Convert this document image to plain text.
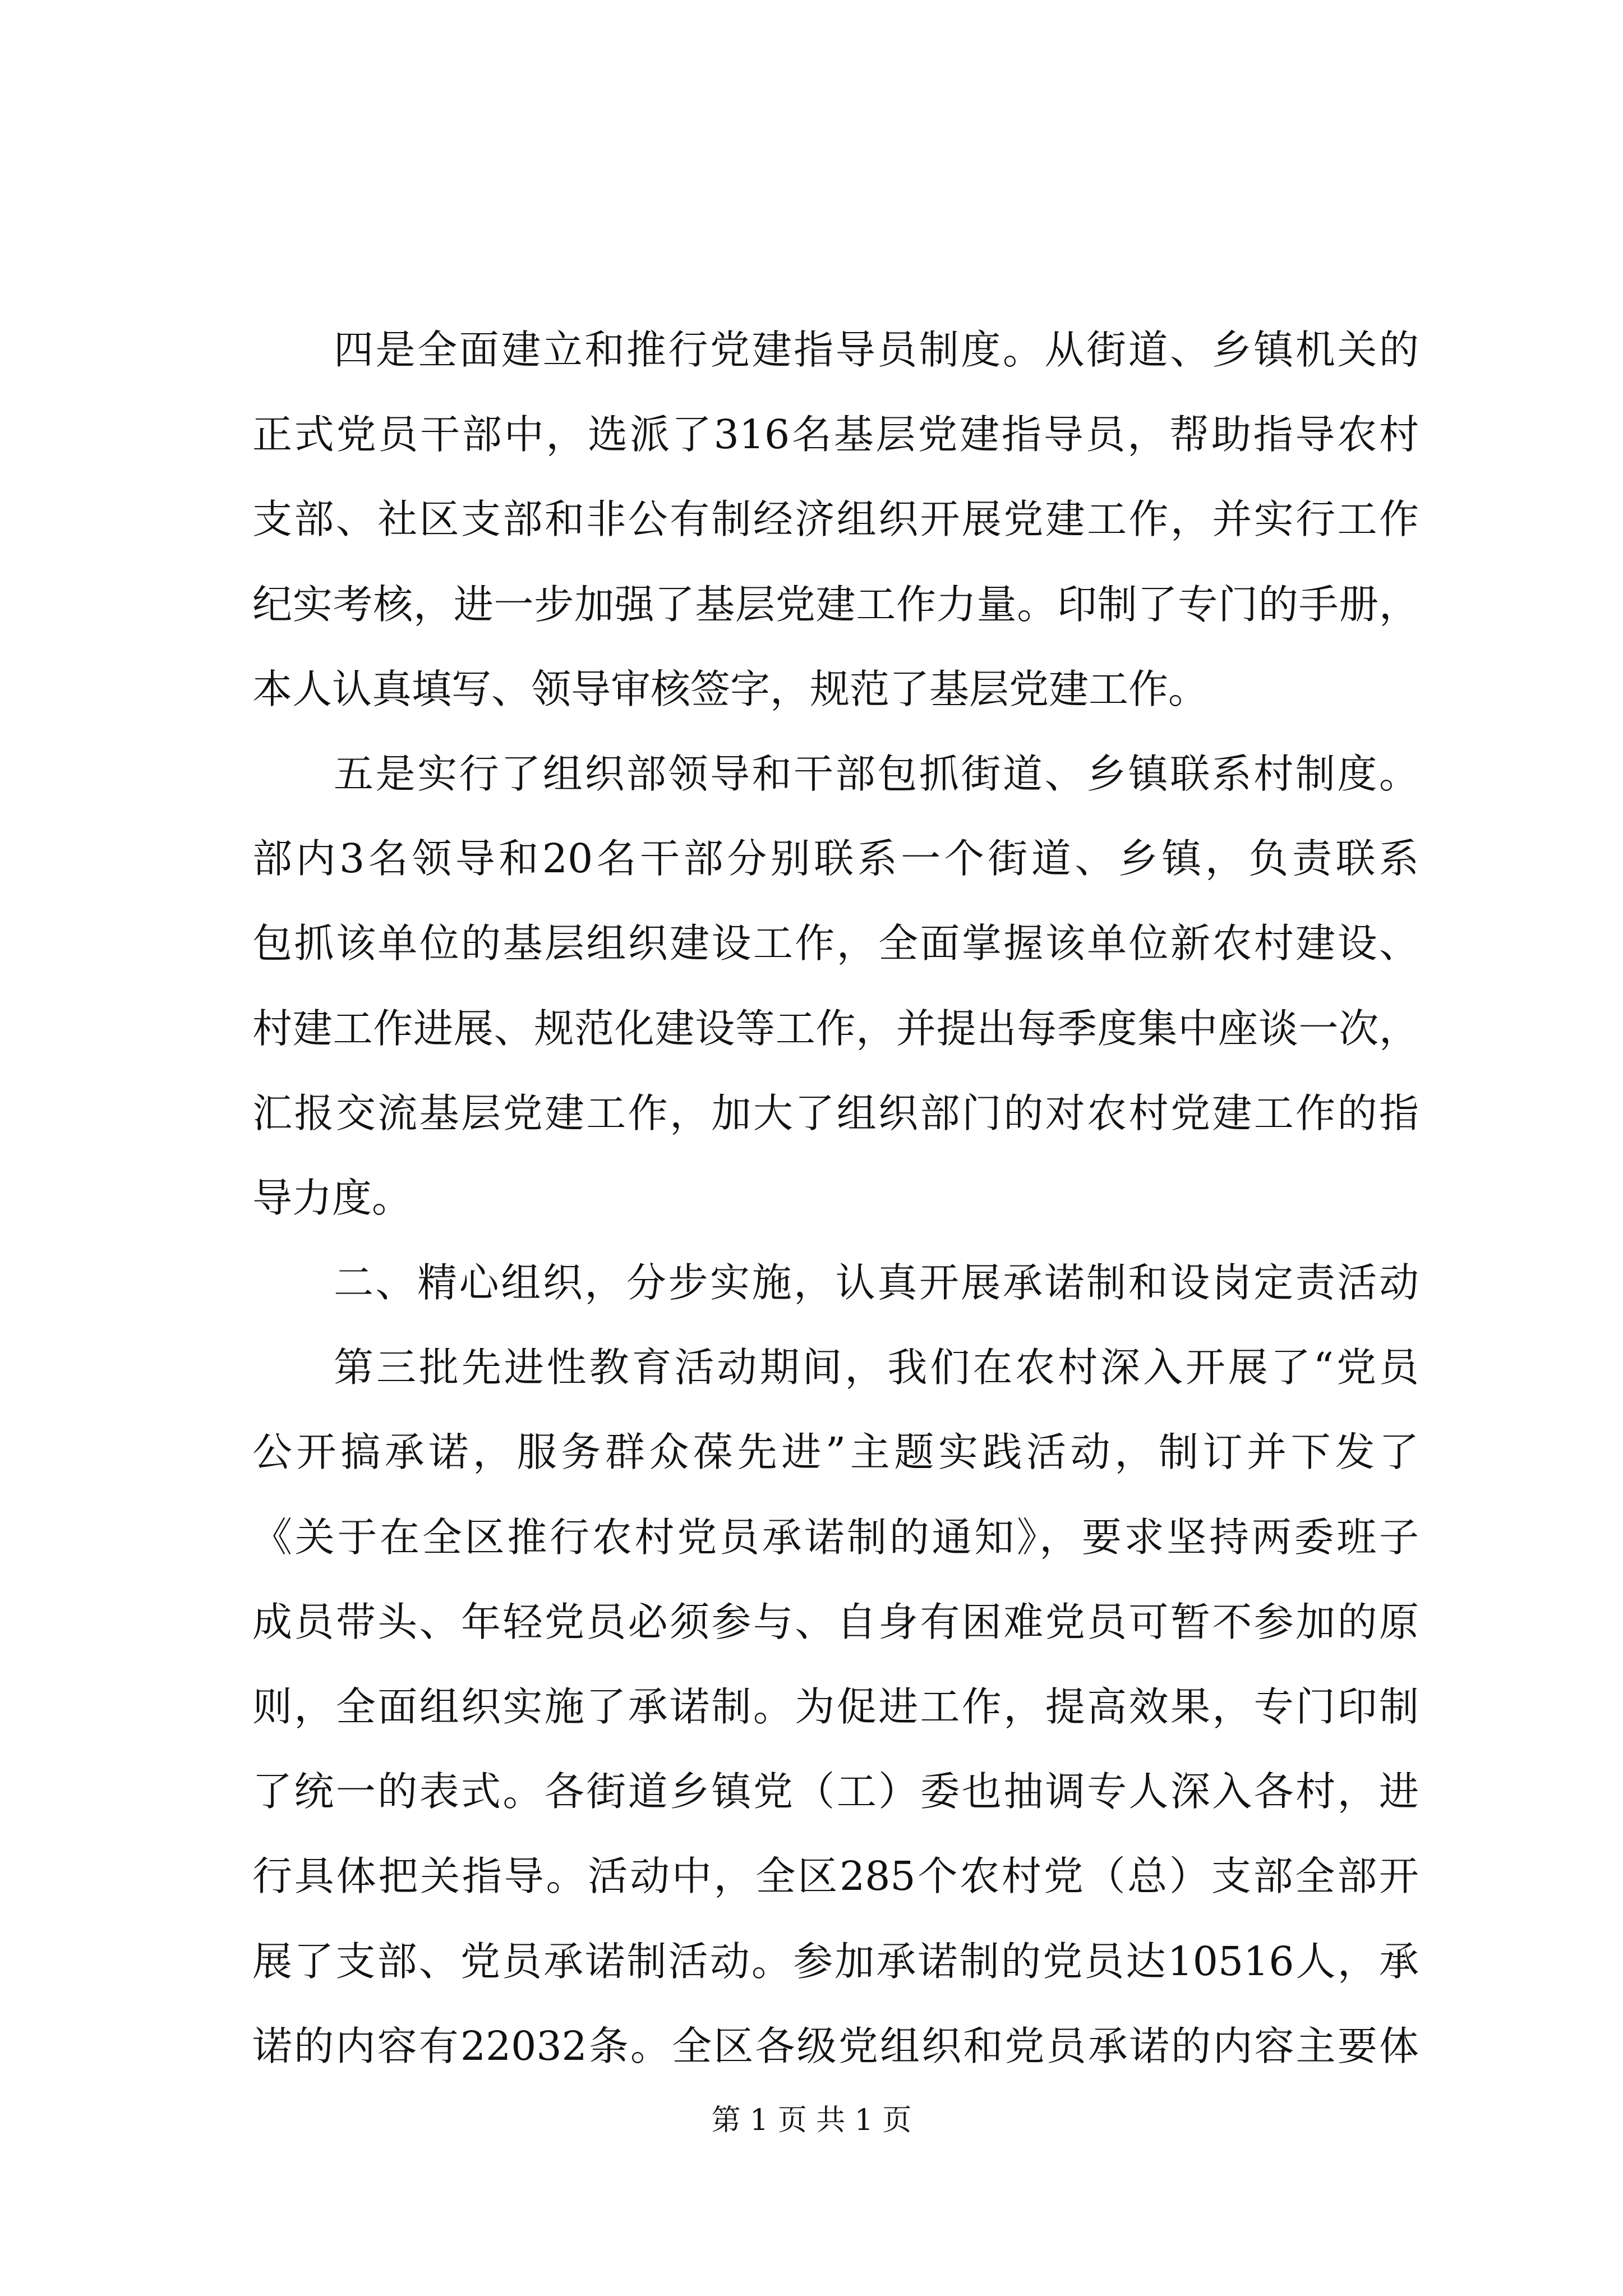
四是全面建立和推行党建指导员制度。从街道、乡镇机关的
正式党员干部中，选派了316名基层党建指导员，帮助指导农村
支部、社区支部和非公有制经济组织开展党建工作，并实行工作
纪实考核，进一步加强了基层党建工作力量。印制了专门的手册，
本人认真填写、领导审核签字，规范了基层党建工作。
五是实行了组织部领导和干部包抓街道、乡镇联系村制度。
部内3名领导和20名干部分别联系一个街道、乡镇，负责联系
包抓该单位的基层组织建设工作，全面掌握该单位新农村建设、
村建工作进展、规范化建设等工作，并提出每季度集中座谈一次，
汇报交流基层党建工作，加大了组织部门的对农村党建工作的指
导力度。
二、精心组织，分步实施，认真开展承诺制和设岗定责活动
第三批先进性教育活动期间，我们在农村深入开展了“党员
公开搞承诺，服务群众葆先进”主题实践活动，制订并下发了
《关于在全区推行农村党员承诺制的通知》，要求坚持两委班子
成员带头、年轻党员必须参与、自身有困难党员可暂不参加的原
则，全面组织实施了承诺制。为促进工作，提高效果，专门印制
了统一的表式。各街道乡镇党（工）委也抽调专人深入各村，进
行具体把关指导。活动中，全区285个农村党（总）支部全部开
展了支部、党员承诺制活动。参加承诺制的党员达10516人，承
诺的内容有22032条。全区各级党组织和党员承诺的内容主要体
第 1 页 共 1 页
